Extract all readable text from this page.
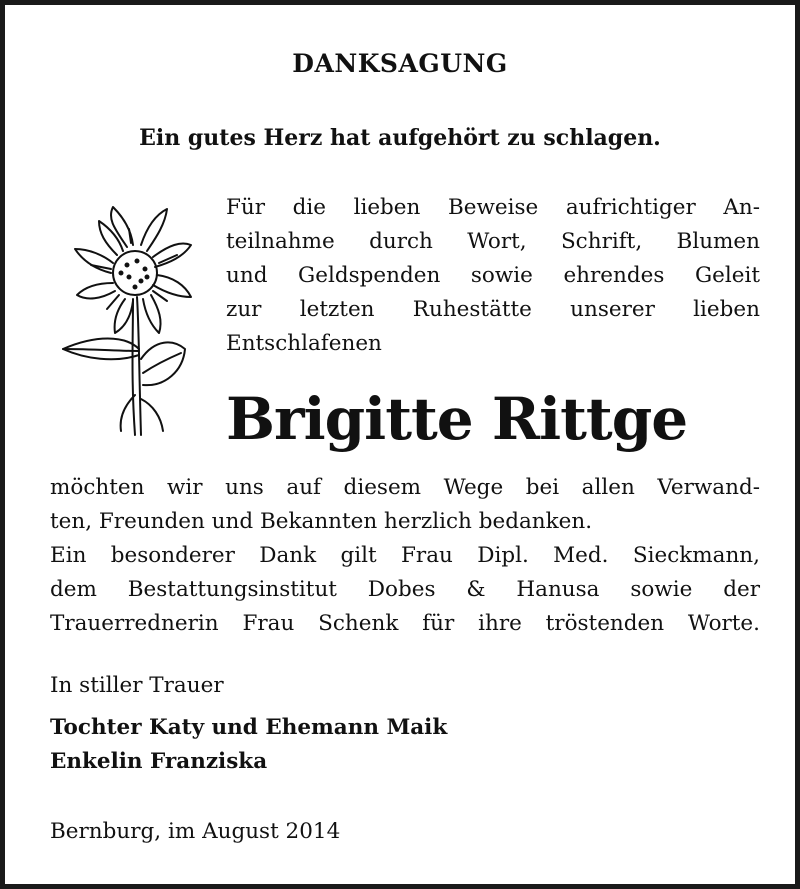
DANKSAGUNG
Ein gutes Herz hat aufgehört zu schlagen.
Für die lieben Beweise aufrichtiger An-
teilnahme durch Wort, Schrift, Blumen
und Geldspenden sowie ehrendes Geleit
zur letzten Ruhestätte unserer lieben
Entschlafenen
Brigitte Rittge
möchten wir uns auf diesem Wege bei allen Verwand-
ten, Freunden und Bekannten herzlich bedanken.
Ein besonderer Dank gilt Frau Dipl. Med. Sieckmann,
dem Bestattungsinstitut Dobes & Hanusa sowie der
Trauerrednerin Frau Schenk für ihre tröstenden Worte.
In stiller Trauer
Tochter Katy und Ehemann Maik
Enkelin Franziska
Bernburg, im August 2014
